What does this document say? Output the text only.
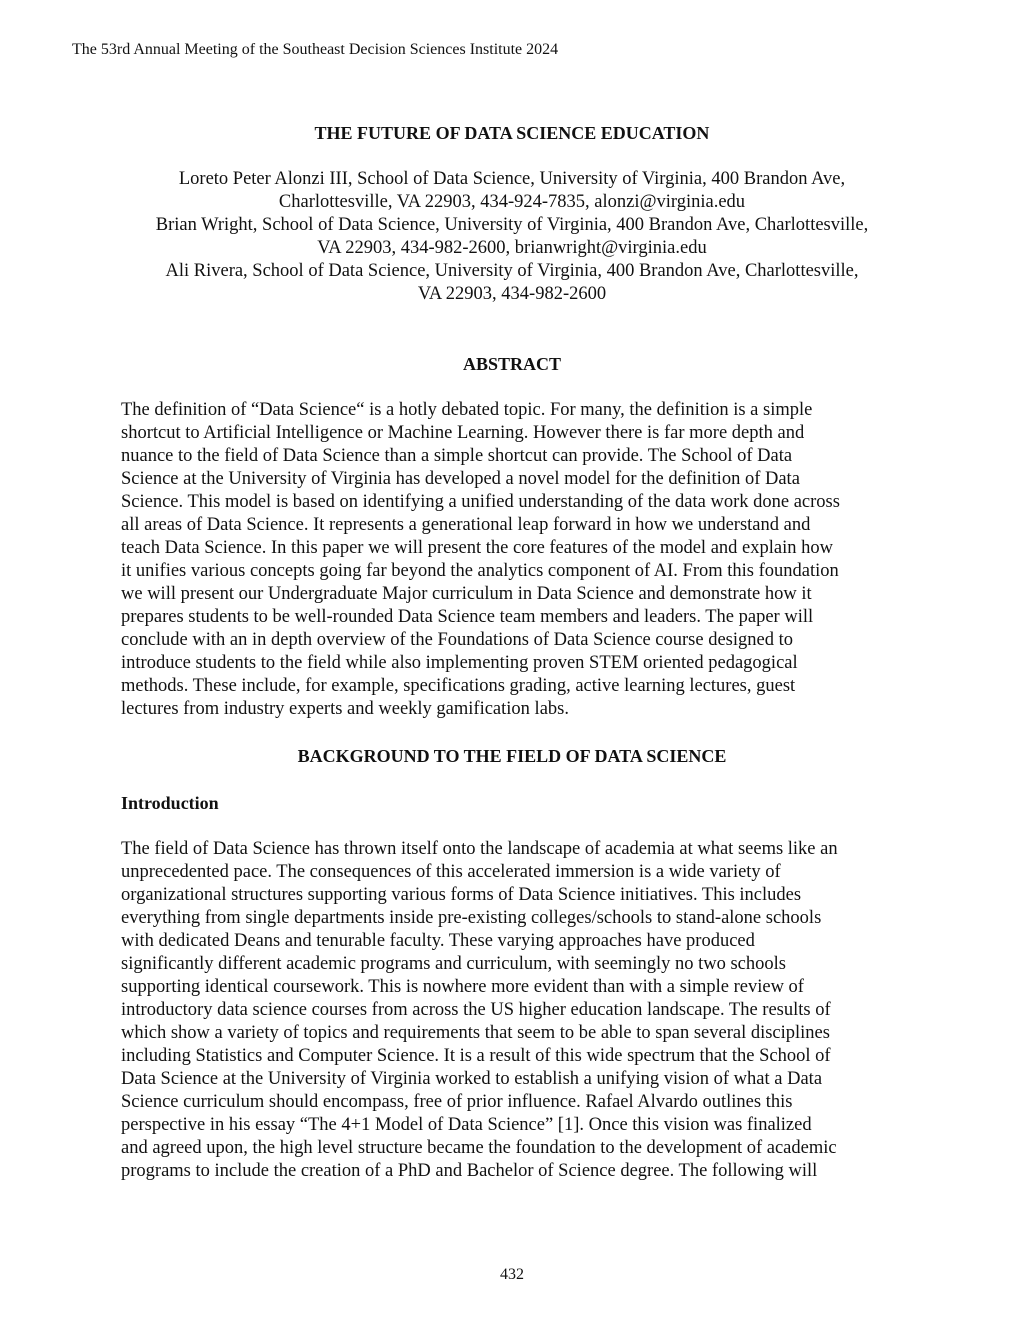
The 53rd Annual Meeting of the Southeast Decision Sciences Institute 2024
THE FUTURE OF DATA SCIENCE EDUCATION
Loreto Peter Alonzi III, School of Data Science, University of Virginia, 400 Brandon Ave,
Charlottesville, VA 22903, 434-924-7835, alonzi@virginia.edu
Brian Wright, School of Data Science, University of Virginia, 400 Brandon Ave, Charlottesville,
VA 22903, 434-982-2600, brianwright@virginia.edu
Ali Rivera, School of Data Science, University of Virginia, 400 Brandon Ave, Charlottesville,
VA 22903, 434-982-2600
ABSTRACT

The definition of “Data Science“ is a hotly debated topic. For many, the definition is a simple
shortcut to Artificial Intelligence or Machine Learning. However there is far more depth and
nuance to the field of Data Science than a simple shortcut can provide. The School of Data
Science at the University of Virginia has developed a novel model for the definition of Data
Science. This model is based on identifying a unified understanding of the data work done across
all areas of Data Science. It represents a generational leap forward in how we understand and
teach Data Science. In this paper we will present the core features of the model and explain how
it unifies various concepts going far beyond the analytics component of AI. From this foundation
we will present our Undergraduate Major curriculum in Data Science and demonstrate how it
prepares students to be well-rounded Data Science team members and leaders. The paper will
conclude with an in depth overview of the Foundations of Data Science course designed to
introduce students to the field while also implementing proven STEM oriented pedagogical
methods. These include, for example, specifications grading, active learning lectures, guest
lectures from industry experts and weekly gamification labs.

BACKGROUND TO THE FIELD OF DATA SCIENCE
Introduction

The field of Data Science has thrown itself onto the landscape of academia at what seems like an
unprecedented pace. The consequences of this accelerated immersion is a wide variety of
organizational structures supporting various forms of Data Science initiatives. This includes
everything from single departments inside pre-existing colleges/schools to stand-alone schools
with dedicated Deans and tenurable faculty. These varying approaches have produced
significantly different academic programs and curriculum, with seemingly no two schools
supporting identical coursework. This is nowhere more evident than with a simple review of
introductory data science courses from across the US higher education landscape. The results of
which show a variety of topics and requirements that seem to be able to span several disciplines
including Statistics and Computer Science. It is a result of this wide spectrum that the School of
Data Science at the University of Virginia worked to establish a unifying vision of what a Data
Science curriculum should encompass, free of prior influence. Rafael Alvardo outlines this
perspective in his essay “The 4+1 Model of Data Science” [1]. Once this vision was finalized
and agreed upon, the high level structure became the foundation to the development of academic
programs to include the creation of a PhD and Bachelor of Science degree. The following will

432
